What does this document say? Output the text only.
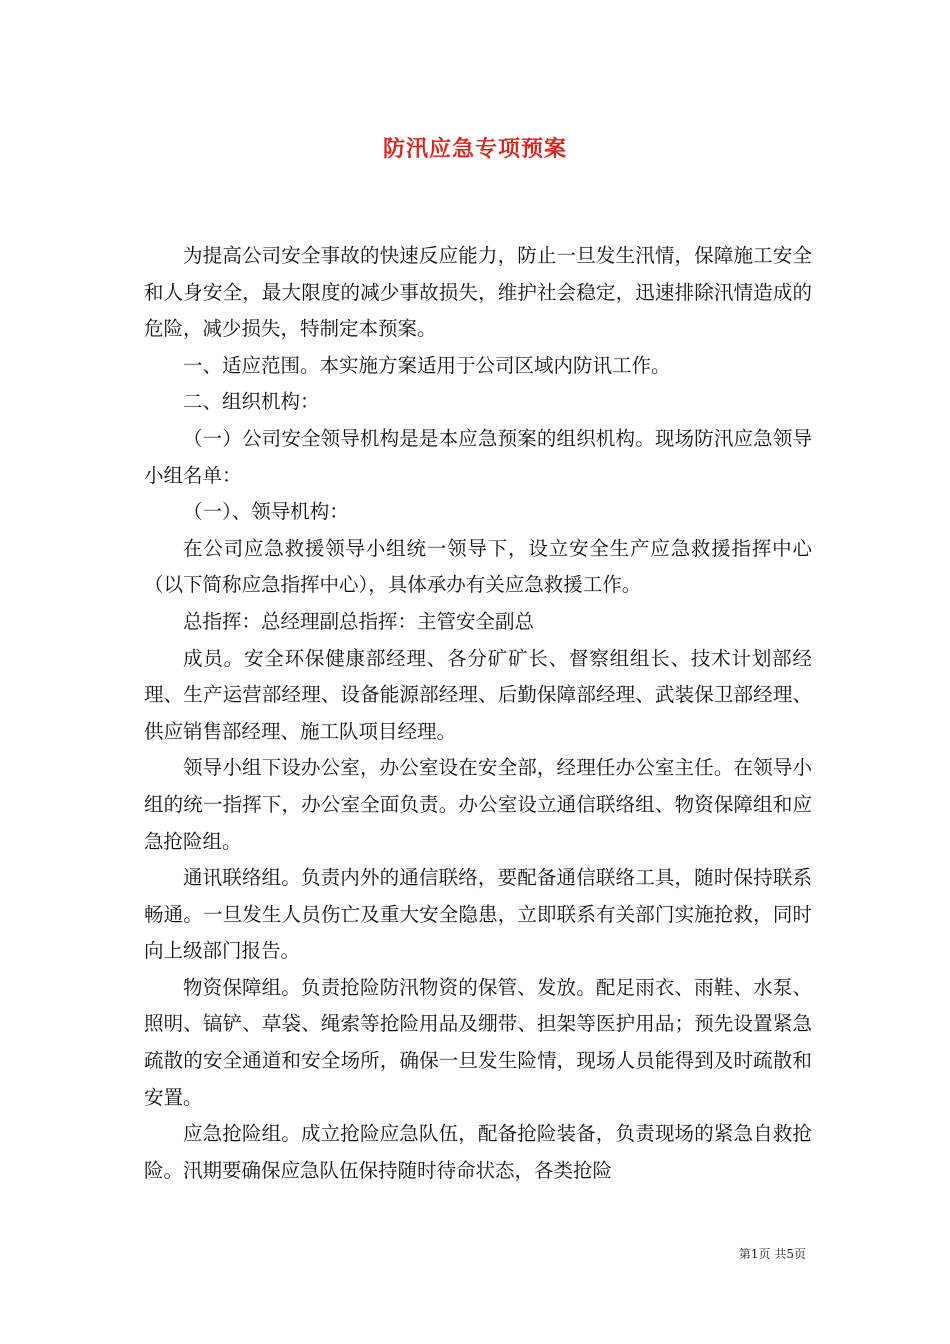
防汛应急专项预案

为提高公司安全事故的快速反应能力，防止一旦发生汛情，保障施工安全和人身安全，最大限度的减少事故损失，维护社会稳定，迅速排除汛情造成的危险，减少损失，特制定本预案。

一、适应范围。本实施方案适用于公司区域内防讯工作。

二、组织机构：

（一）公司安全领导机构是是本应急预案的组织机构。现场防汛应急领导小组名单：

（一）、领导机构：

在公司应急救援领导小组统一领导下，设立安全生产应急救援指挥中心（以下简称应急指挥中心），具体承办有关应急救援工作。

总指挥：总经理副总指挥：主管安全副总

成员。安全环保健康部经理、各分矿矿长、督察组组长、技术计划部经理、生产运营部经理、设备能源部经理、后勤保障部经理、武装保卫部经理、供应销售部经理、施工队项目经理。

领导小组下设办公室，办公室设在安全部，经理任办公室主任。在领导小组的统一指挥下，办公室全面负责。办公室设立通信联络组、物资保障组和应急抢险组。

通讯联络组。负责内外的通信联络，要配备通信联络工具，随时保持联系畅通。一旦发生人员伤亡及重大安全隐患，立即联系有关部门实施抢救，同时向上级部门报告。

物资保障组。负责抢险防汛物资的保管、发放。配足雨衣、雨鞋、水泵、照明、镐铲、草袋、绳索等抢险用品及绷带、担架等医护用品；预先设置紧急疏散的安全通道和安全场所，确保一旦发生险情，现场人员能得到及时疏散和安置。

应急抢险组。成立抢险应急队伍，配备抢险装备，负责现场的紧急自救抢险。汛期要确保应急队伍保持随时待命状态，各类抢险

第1页 共5页
